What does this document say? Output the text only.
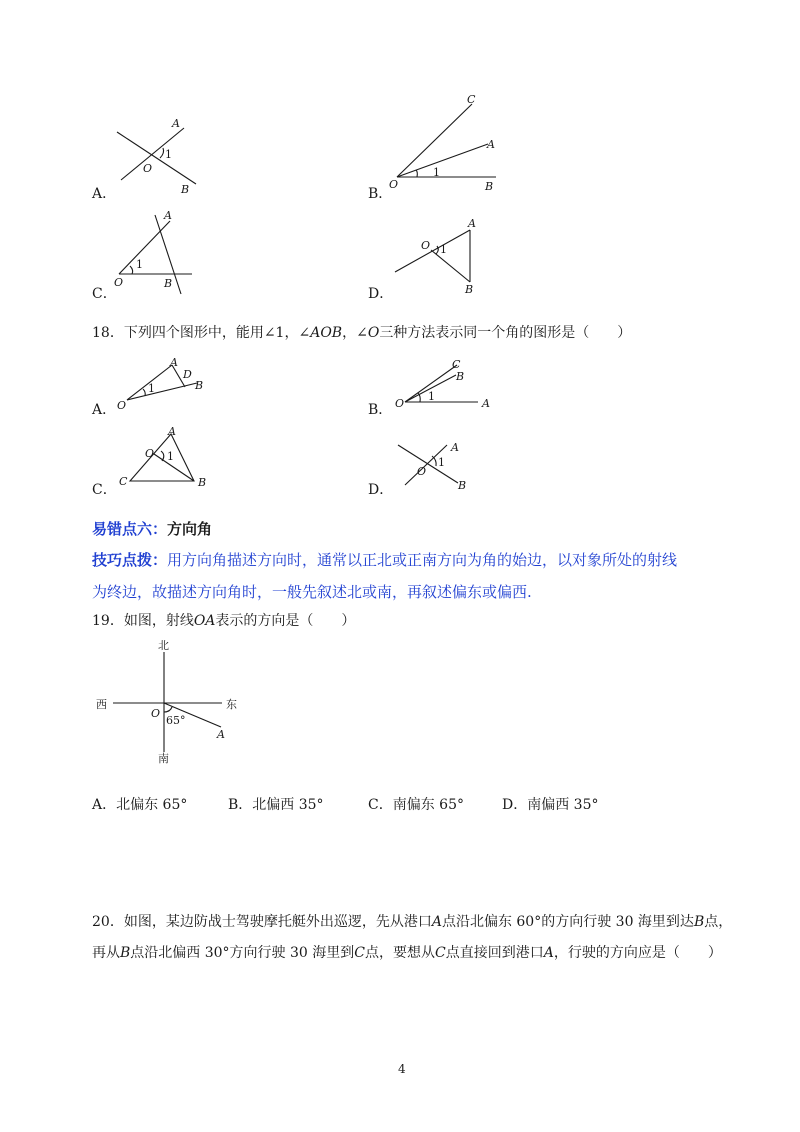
A．
A
O
1
B	B．
C
A
O
1
B
C．
A
1
O	B
D．
A
O 1
B
18．下列四个图形中，能用∠1，∠AOB，∠O三种方法表示同一个角的图形是（　　）
A．
A
D
1	B
O	B．
C
B
1
O	A
C．
A
O 1
C	B	D．
A
1
O
B
易错点六：方向角
技巧点拨：用方向角描述方向时，通常以正北或正南方向为角的始边，以对象所处的射线
为终边，故描述方向角时，一般先叙述北或南，再叙述偏东或偏西.
19．如图，射线OA表示的方向是（　　）
北
南
西	东
O
65°
A
A．北偏东 65°	B．北偏西 35°	C．南偏东 65°	D．南偏西 35°
20．如图，某边防战士驾驶摩托艇外出巡逻，先从港口A点沿北偏东 60°的方向行驶 30 海里到达B点，
再从B点沿北偏西 30°方向行驶 30 海里到C点，要想从C点直接回到港口A，行驶的方向应是（　　）
4
